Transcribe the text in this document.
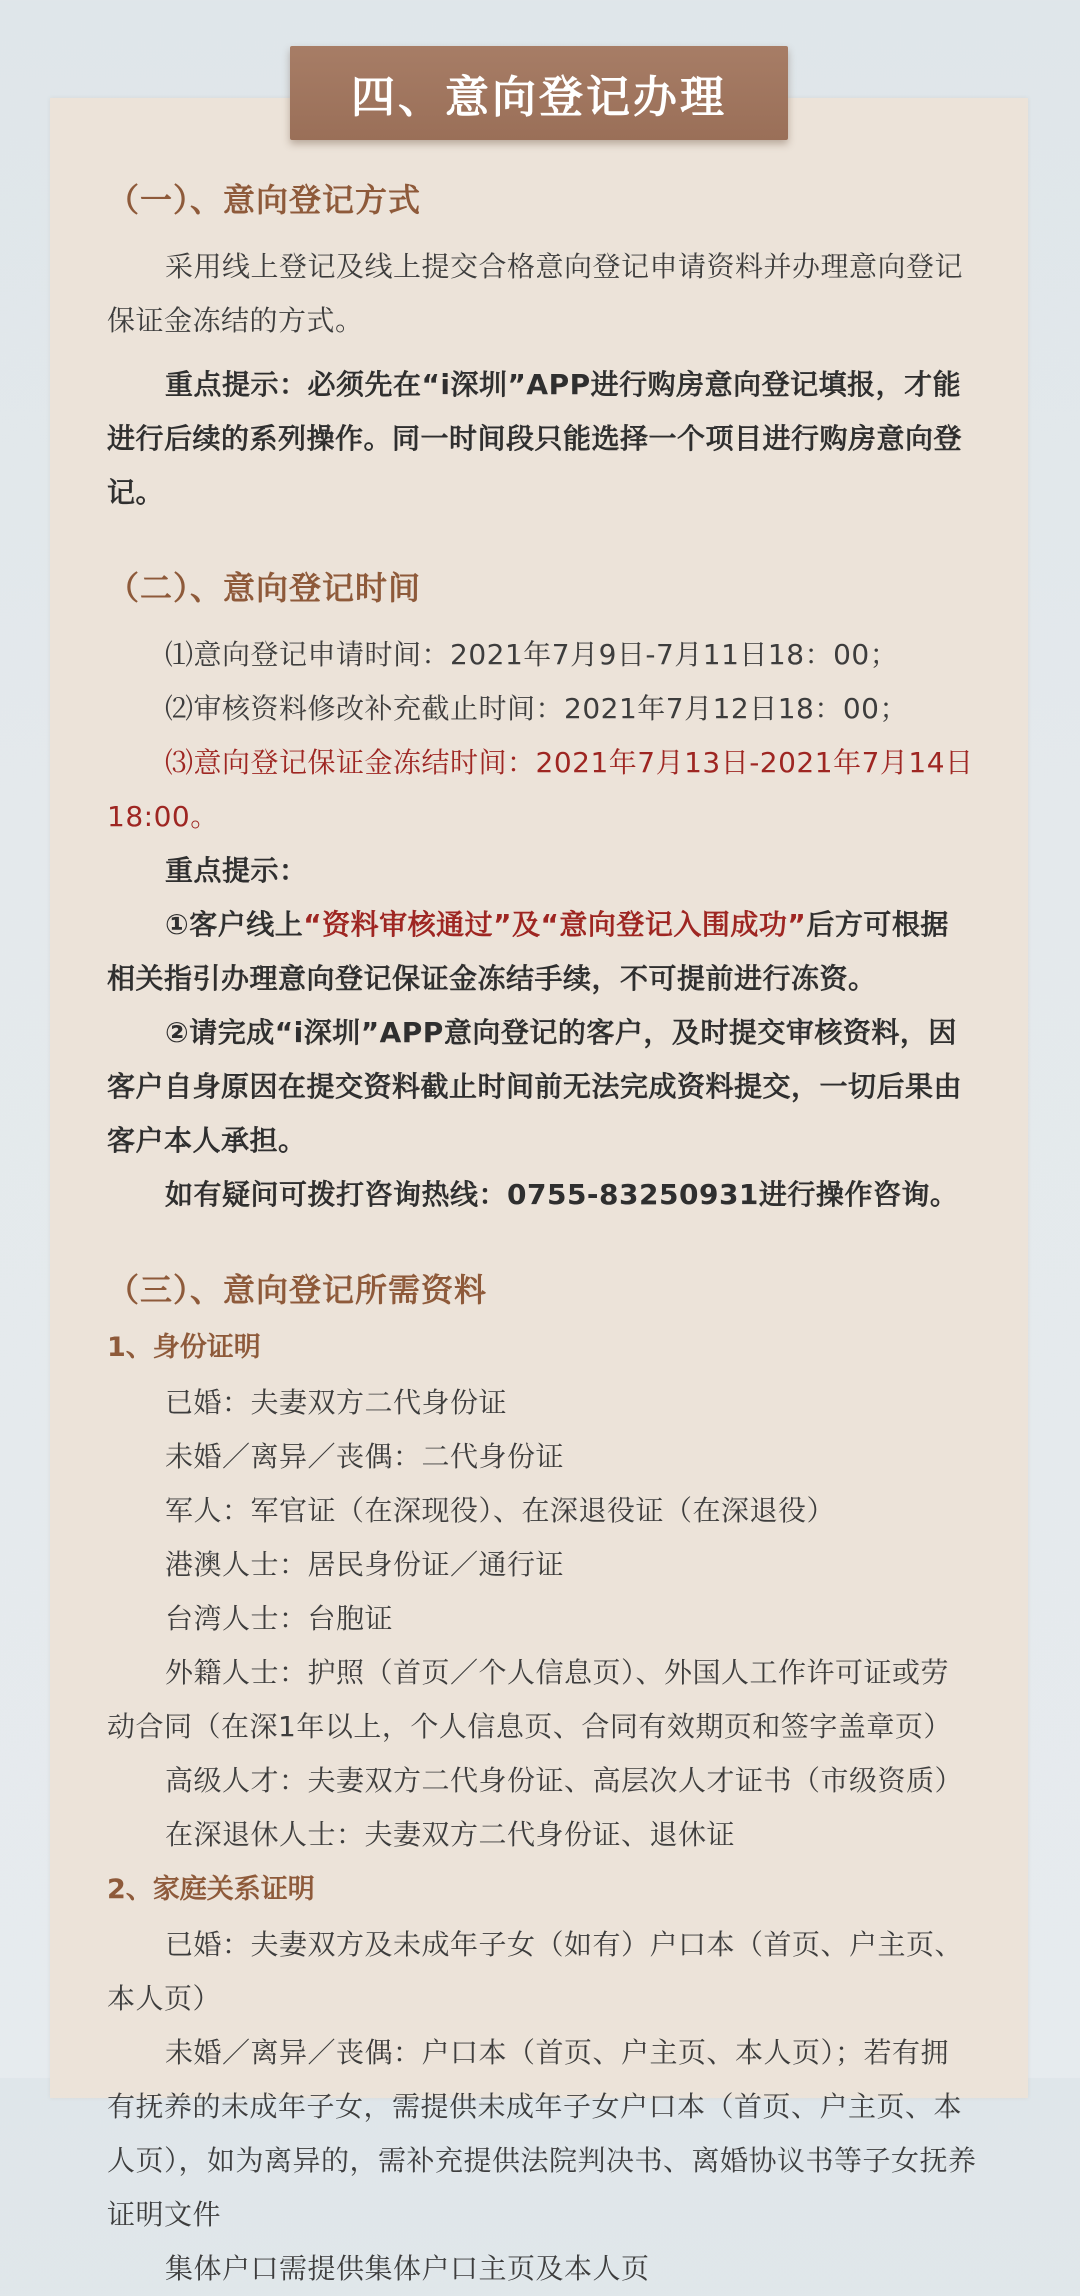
四、意向登记办理

（一）、意向登记方式

采用线上登记及线上提交合格意向登记申请资料并办理意向登记保证金冻结的方式。

重点提示：必须先在“i深圳”APP进行购房意向登记填报，才能进行后续的系列操作。同一时间段只能选择一个项目进行购房意向登记。

（二）、意向登记时间

⑴意向登记申请时间：2021年7月9日-7月11日18：00；

⑵审核资料修改补充截止时间：2021年7月12日18：00；

⑶意向登记保证金冻结时间：2021年7月13日-2021年7月14日18:00。

重点提示：

①客户线上“资料审核通过”及“意向登记入围成功”后方可根据相关指引办理意向登记保证金冻结手续，不可提前进行冻资。

②请完成“i深圳”APP意向登记的客户，及时提交审核资料，因客户自身原因在提交资料截止时间前无法完成资料提交，一切后果由客户本人承担。

如有疑问可拨打咨询热线：0755-83250931进行操作咨询。

（三）、意向登记所需资料

1、身份证明

已婚：夫妻双方二代身份证

未婚／离异／丧偶：二代身份证

军人：军官证（在深现役）、在深退役证（在深退役）

港澳人士：居民身份证／通行证

台湾人士：台胞证

外籍人士：护照（首页／个人信息页）、外国人工作许可证或劳动合同（在深1年以上，个人信息页、合同有效期页和签字盖章页）

高级人才：夫妻双方二代身份证、高层次人才证书（市级资质）

在深退休人士：夫妻双方二代身份证、退休证

2、家庭关系证明

已婚：夫妻双方及未成年子女（如有）户口本（首页、户主页、本人页）

未婚／离异／丧偶：户口本（首页、户主页、本人页）；若有拥有抚养的未成年子女，需提供未成年子女户口本（首页、户主页、本人页），如为离异的，需补充提供法院判决书、离婚协议书等子女抚养证明文件

集体户口需提供集体户口主页及本人页
